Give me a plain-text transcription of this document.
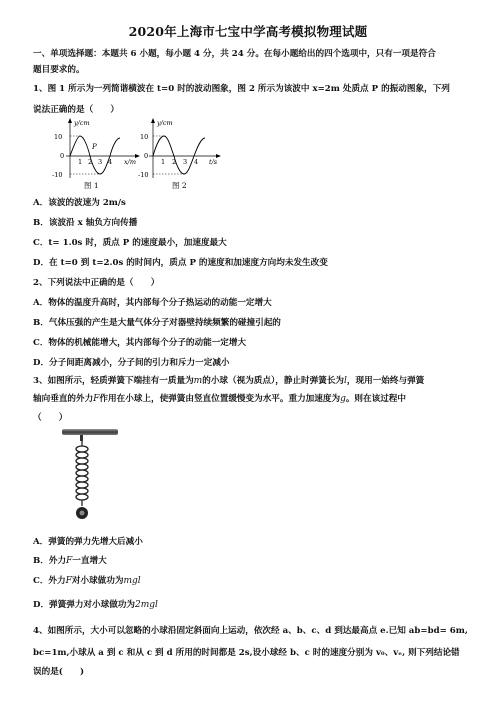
2020年上海市七宝中学高考模拟物理试题
一、单项选择题：本题共 6 小题，每小题 4 分，共 24 分。在每小题给出的四个选项中，只有一项是符合
题目要求的。
1、图 1 所示为一列简谐横波在 t=0 时的波动图象，图 2 所示为该波中 x=2m 处质点 P 的振动图象，下列
说法正确的是（　　）
y/cm
x/m
10
0
-10
1 2 3 4
P
图 1
y/cm
t/s
10
0
-10
1 2 3 4
图 2
A．该波的波速为 2m/s
B．该波沿 x 轴负方向传播
C．t= 1.0s 时，质点 P 的速度最小，加速度最大
D．在 t=0 到 t=2.0s 的时间内，质点 P 的速度和加速度方向均未发生改变
2、下列说法中正确的是（　　）
A．物体的温度升高时，其内部每个分子热运动的动能一定增大
B．气体压强的产生是大量气体分子对器壁持续频繁的碰撞引起的
C．物体的机械能增大，其内部每个分子的动能一定增大
D．分子间距离减小，分子间的引力和斥力一定减小
3、如图所示，轻质弹簧下端挂有一质量为m的小球（视为质点），静止时弹簧长为l，现用一始终与弹簧
轴向垂直的外力F作用在小球上，使弹簧由竖直位置缓慢变为水平。重力加速度为g。则在该过程中
（　　）
A．弹簧的弹力先增大后减小
B．外力F一直增大
C．外力F对小球做功为mgl
D．弹簧弹力对小球做功为2mgl
4、如图所示，大小可以忽略的小球沿固定斜面向上运动，依次经 a、b、c、d 到达最高点 e.已知 ab=bd= 6m,
bc=1m,小球从 a 到 c 和从 c 到 d 所用的时间都是 2s,设小球经 b、c 时的速度分别为 v₀、vₑ, 则下列结论错
误的是(　　)
